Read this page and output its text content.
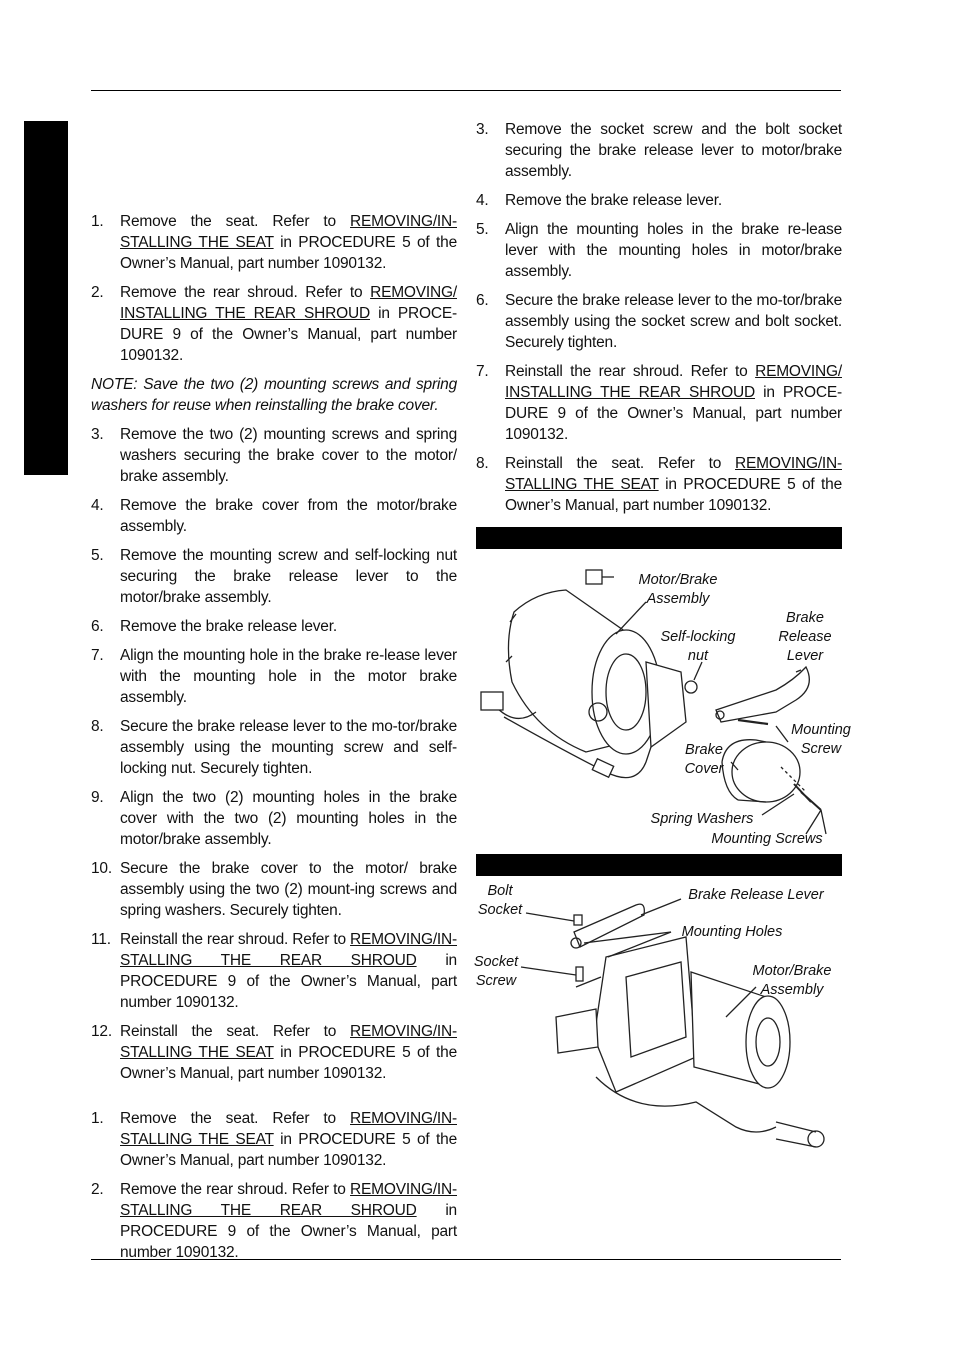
1.	Remove the seat. Refer to REMOVING/IN-STALLING THE SEAT in PROCEDURE 5 of the Owner’s Manual, part number 1090132.
2.	Remove the rear shroud. Refer to REMOVING/ INSTALLING THE REAR SHROUD in PROCE-DURE 9 of the Owner’s Manual, part number 1090132.
NOTE: Save the two (2) mounting screws and spring washers for reuse when reinstalling the brake cover.
3.	Remove the two (2) mounting screws and spring washers securing the brake cover to the motor/ brake assembly.
4.	Remove the brake cover from the motor/brake assembly.
5.	Remove the mounting screw and self-locking nut securing the brake release lever to the motor/brake assembly.
6.	Remove the brake release lever.
7.	Align the mounting hole in the brake re-lease lever with the mounting hole in the motor brake assembly.
8.	Secure the brake release lever to the mo-tor/brake assembly using the mounting screw and self-locking nut. Securely tighten.
9.	Align the two (2) mounting holes in the brake cover with the two (2) mounting holes in the motor/brake assembly.
10. Secure the brake cover to the motor/ brake assembly using the two (2) mount-ing screws and spring washers. Securely tighten.
11. Reinstall the rear shroud. Refer to REMOVING/IN-STALLING THE REAR SHROUD in PROCEDURE 9 of the Owner’s Manual, part number 1090132.
12. Reinstall the seat. Refer to REMOVING/IN-STALLING THE SEAT in PROCEDURE 5 of the Owner’s Manual, part number 1090132.
1.	Remove the seat. Refer to REMOVING/IN-STALLING THE SEAT in PROCEDURE 5 of the Owner’s Manual, part number 1090132.
2.	Remove the rear shroud. Refer to REMOVING/IN-STALLING THE REAR SHROUD in PROCEDURE 9 of the Owner’s Manual, part number 1090132.
3.	Remove the socket screw and the bolt socket securing the brake release lever to motor/brake assembly.
4.	Remove the brake release lever.
5.	Align the mounting holes in the brake re-lease lever with the mounting holes in motor/brake assembly.
6.	Secure the brake release lever to the mo-tor/brake assembly using the socket screw and bolt socket. Securely tighten.
7.	Reinstall the rear shroud. Refer to REMOVING/ INSTALLING THE REAR SHROUD in PROCE-DURE 9 of the Owner’s Manual, part number 1090132.
8.	Reinstall the seat. Refer to REMOVING/IN-STALLING THE SEAT in PROCEDURE 5 of the Owner’s Manual, part number 1090132.
Motor/Brake Assembly
Self-locking nut
Brake Release Lever
Mounting Screw
Brake Cover
Spring Washers
Mounting Screws
Bolt Socket
Brake Release Lever
Mounting Holes
Socket Screw
Motor/Brake Assembly
